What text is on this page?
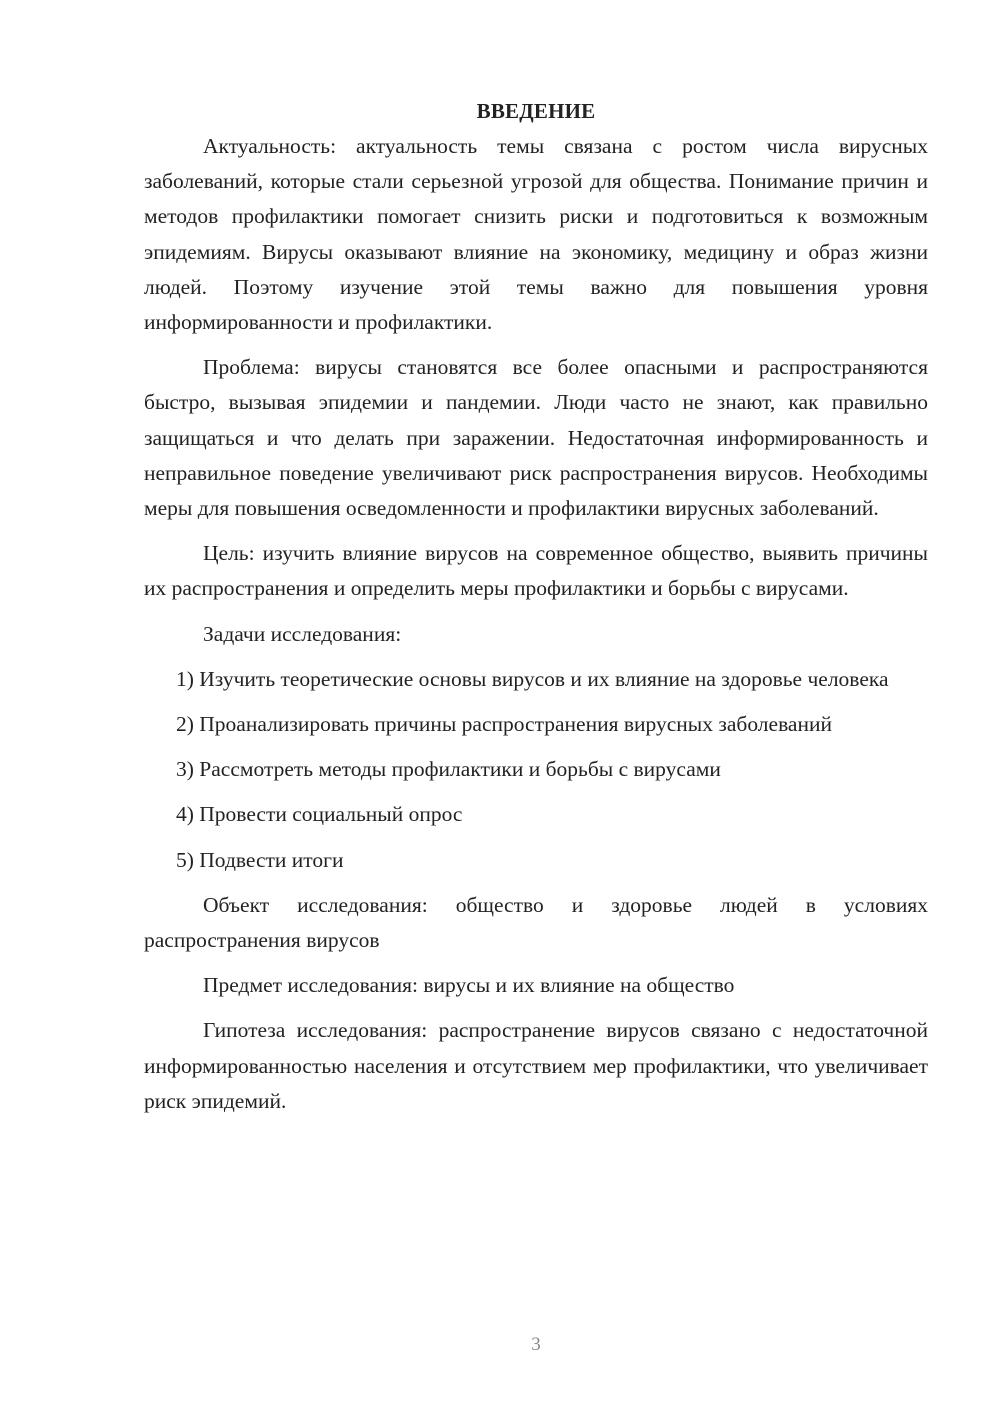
ВВЕДЕНИЕ

Актуальность: актуальность темы связана с ростом числа вирусных заболеваний, которые стали серьезной угрозой для общества. Понимание причин и методов профилактики помогает снизить риски и подготовиться к возможным эпидемиям. Вирусы оказывают влияние на экономику, медицину и образ жизни людей. Поэтому изучение этой темы важно для повышения уровня информированности и профилактики.

Проблема: вирусы становятся все более опасными и распространяются быстро, вызывая эпидемии и пандемии. Люди часто не знают, как правильно защищаться и что делать при заражении. Недостаточная информированность и неправильное поведение увеличивают риск распространения вирусов. Необходимы меры для повышения осведомленности и профилактики вирусных заболеваний.

Цель: изучить влияние вирусов на современное общество, выявить причины их распространения и определить меры профилактики и борьбы с вирусами.

Задачи исследования:

1) Изучить теоретические основы вирусов и их влияние на здоровье человека

2) Проанализировать причины распространения вирусных заболеваний

3) Рассмотреть методы профилактики и борьбы с вирусами

4) Провести социальный опрос

5) Подвести итоги

Объект исследования: общество и здоровье людей в условиях распространения вирусов

Предмет исследования: вирусы и их влияние на общество

Гипотеза исследования: распространение вирусов связано с недостаточной информированностью населения и отсутствием мер профилактики, что увеличивает риск эпидемий.

3
